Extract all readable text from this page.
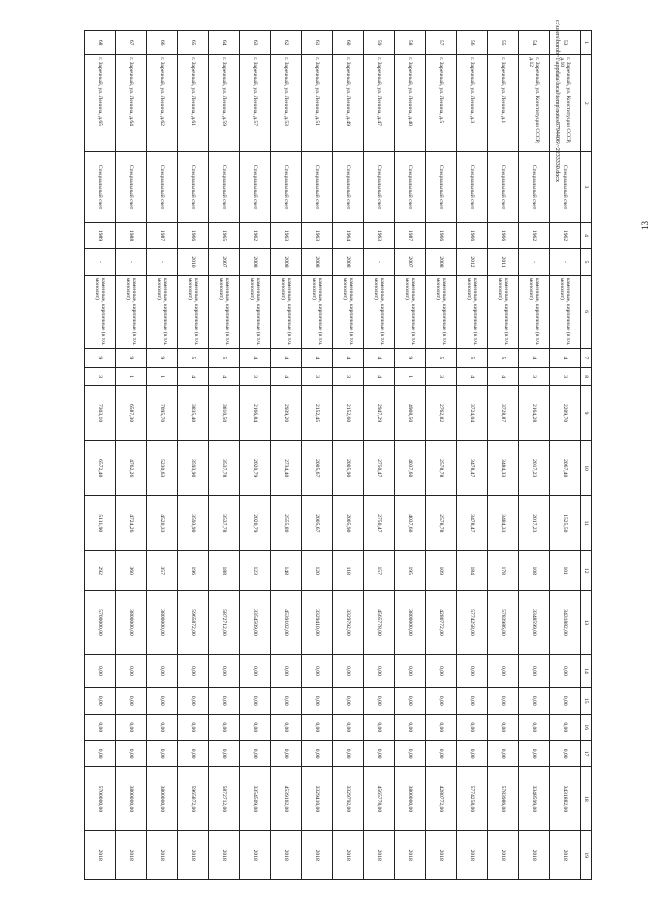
13
1	2	3	4	5	6	7	8	9	10	11	12	13	14	15	16	17	18	19
53	г. Заречный, ул. Конституции СССР, д.10	Специальный счет	1962	-	каменные, кирпичные (в т.ч. монолит)	4	3	2209,70	2067,40	1525,50	101	3431882,00	0,00	0,00	0,00	0,00	3431882,00	2018
54	г. Заречный, ул. Конституции СССР, д.12	Специальный счет	1962	-	каменные, кирпичные (в т.ч. монолит)	4	3	2164,28	2017,23	2017,23	108	3348599,00	0,00	0,00	0,00	0,00	3348599,00	2018
55	г. Заречный, ул. Ленина, д.1	Специальный счет	1966	2011	каменные, кирпичные (в т.ч. монолит)	5	4	3728,87	3484,33	3484,33	178	5783986,00	0,00	0,00	0,00	0,00	5783986,00	2018
56	г. Заречный, ул. Ленина, д.3	Специальный счет	1966	2012	каменные, кирпичные (в т.ч. монолит)	5	4	3724,04	3478,47	3478,47	184	5774258,00	0,00	0,00	0,00	0,00	5774258,00	2018
57	г. Заречный, ул. Ленина, д.5	Специальный счет	1966	2008	каменные, кирпичные (в т.ч. монолит)	5	3	2762,82	2578,78	2578,78	109	4280772,00	0,00	0,00	0,00	0,00	4280772,00	2018
58	г. Заречный, ул. Ленина, д.40	Специальный счет	1987	2007	каменные, кирпичные (в т.ч. монолит)	9	1	4908,50	4037,60	4037,60	195	3800000,00	0,00	0,00	0,00	0,00	3800000,00	2018
59	г. Заречный, ул. Ленина, д.47	Специальный счет	1963	-	каменные, кирпичные (в т.ч. монолит)	4	4	2947,29	2750,47	2750,47	157	4565778,00	0,00	0,00	0,00	0,00	4565778,00	2018
60	г. Заречный, ул. Ленина, д.49	Специальный счет	1964	2008	каменные, кирпичные (в т.ч. монолит)	4	3	2152,60	2005,90	2005,90	118	3329792,00	0,00	0,00	0,00	0,00	3329792,00	2018
61	г. Заречный, ул. Ленина, д.51	Специальный счет	1963	2008	каменные, кирпичные (в т.ч. монолит)	4	3	2152,45	2005,67	2005,67	120	3329410,00	0,00	0,00	0,00	0,00	3329410,00	2018
62	г. Заречный, ул. Ленина, д.53	Специальный счет	1963	2008	каменные, кирпичные (в т.ч. монолит)	4	4	2939,20	2734,40	2555,80	148	4539102,00	0,00	0,00	0,00	0,00	4539102,00	2018
63	г. Заречный, ул. Ленина, д.57	Специальный счет	1962	2008	каменные, кирпичные (в т.ч. монолит)	4	3	2166,84	2020,79	2020,79	123	3354509,00	0,00	0,00	0,00	0,00	3354509,00	2018
64	г. Заречный, ул. Ленина, д.59	Специальный счет	1965	2007	каменные, кирпичные (в т.ч. монолит)	5	4	3810,50	3537,78	3537,78	188	5872712,00	0,00	0,00	0,00	0,00	5872712,00	2018
65	г. Заречный, ул. Ленина, д.61	Специальный счет	1966	2010	каменные, кирпичные (в т.ч. монолит)	5	4	3835,40	3593,90	3593,90	196	5965872,00	0,00	0,00	0,00	0,00	5965872,00	2018
66	г. Заречный, ул. Ленина, д.62	Специальный счет	1987	-	каменные, кирпичные (в т.ч. монолит)	9	1	7095,70	5230,63	4520,33	357	3800000,00	0,00	0,00	0,00	0,00	3800000,00	2018
67	г. Заречный, ул. Ленина, д.64	Специальный счет	1988	-	каменные, кирпичные (в т.ч. монолит)	9	1	6587,30	4762,26	4724,26	360	3800000,00	0,00	0,00	0,00	0,00	3800000,00	2018
68	г. Заречный, ул. Ленина, д.65	Специальный счет	1989	-	каменные, кирпичные (в т.ч. монолит)	9	3	7303,10	6572,40	5111,90	292	5700000,00	0,00	0,00	0,00	0,00	5700000,00	2018
c:\users\borob~1\appdata\local\temp\notes8794406\~2233330.docx
